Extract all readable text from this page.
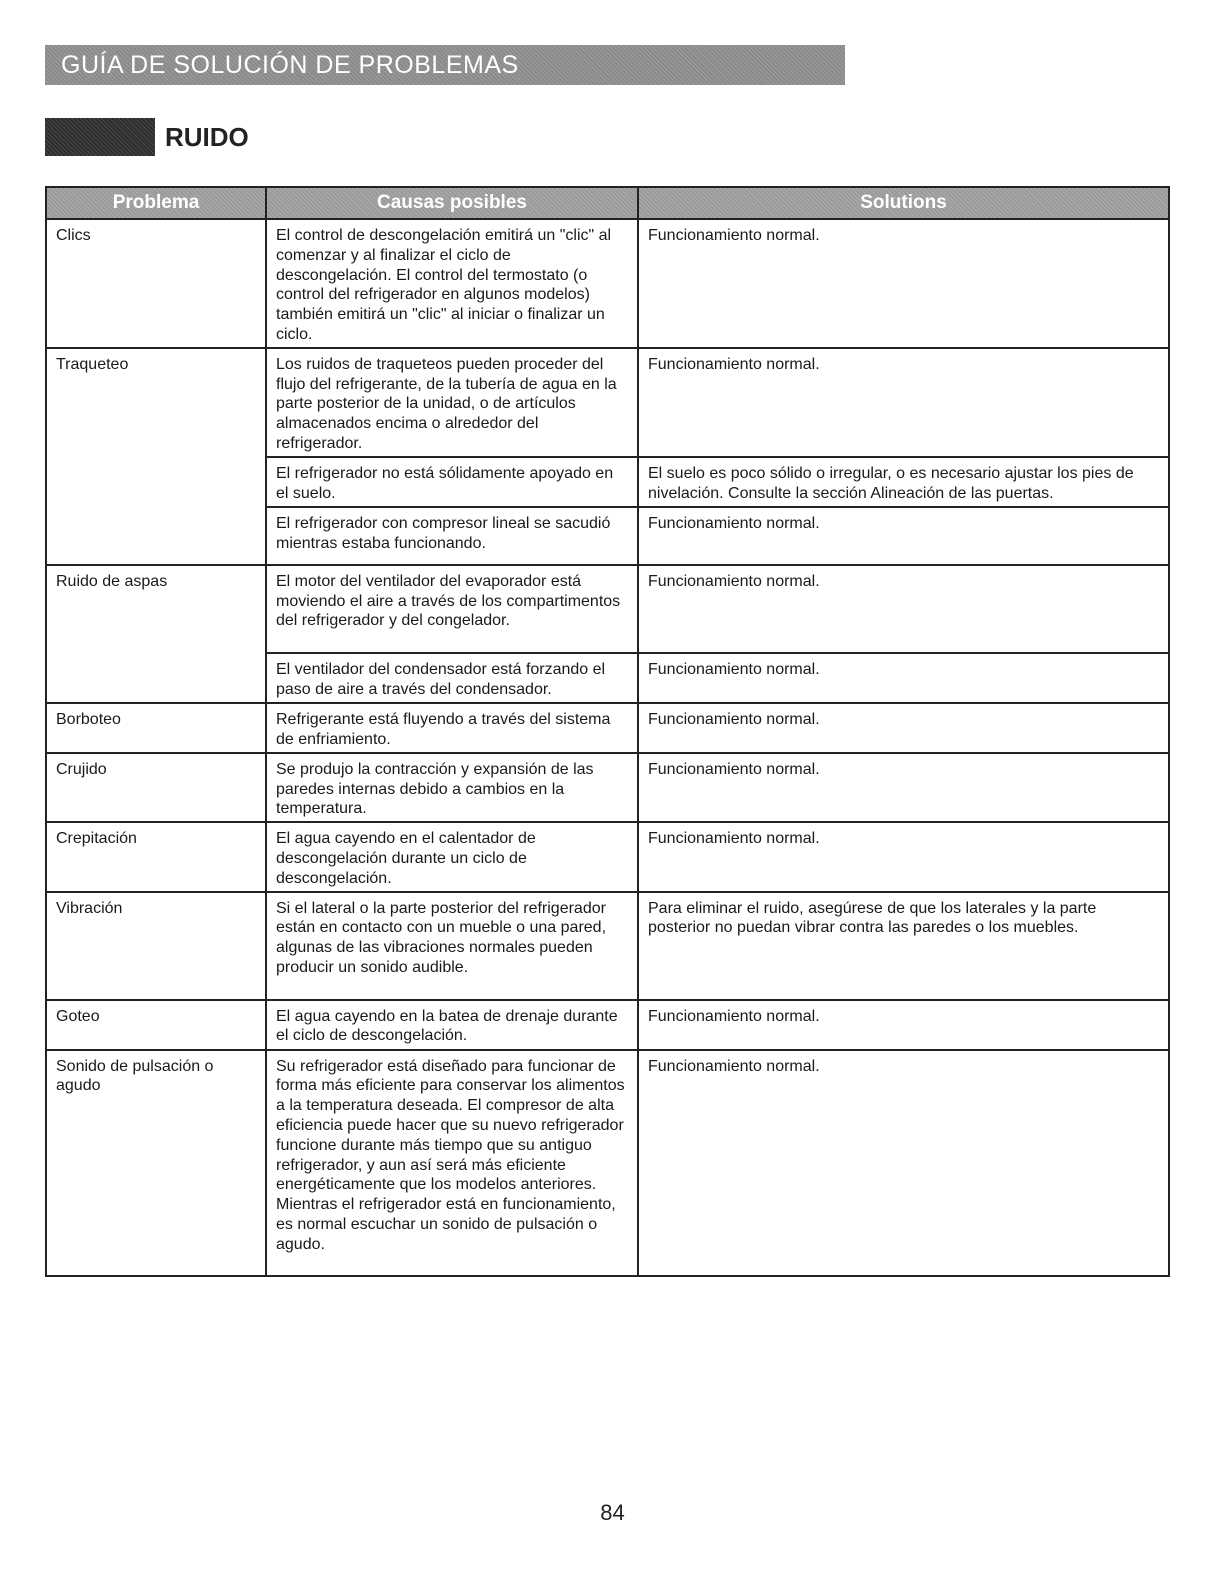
GUÍA DE SOLUCIÓN DE PROBLEMAS
RUIDO
Problema	Causas posibles	Solutions
Clics	El control de descongelación emitirá un "clic" al comenzar y al finalizar el ciclo de descongelación. El control del termostato (o control del refrigerador en algunos modelos) también emitirá un "clic" al iniciar o finalizar un ciclo.	Funcionamiento normal.
Traqueteo	Los ruidos de traqueteos pueden proceder del flujo del refrigerante, de la tubería de agua en la parte posterior de la unidad, o de artículos almacenados encima o alrededor del refrigerador.	Funcionamiento normal.
	El refrigerador no está sólidamente apoyado en el suelo.	El suelo es poco sólido o irregular, o es necesario ajustar los pies de nivelación. Consulte la sección Alineación de las puertas.
	El refrigerador con compresor lineal se sacudió mientras estaba funcionando.	Funcionamiento normal.
Ruido de aspas	El motor del ventilador del evaporador está moviendo el aire a través de los compartimentos del refrigerador y del congelador.	Funcionamiento normal.
	El ventilador del condensador está forzando el paso de aire a través del condensador.	Funcionamiento normal.
Borboteo	Refrigerante está fluyendo a través del sistema de enfriamiento.	Funcionamiento normal.
Crujido	Se produjo la contracción y expansión de las paredes internas debido a cambios en la temperatura.	Funcionamiento normal.
Crepitación	El agua cayendo en el calentador de descongelación durante un ciclo de descongelación.	Funcionamiento normal.
Vibración	Si el lateral o la parte posterior del refrigerador están en contacto con un mueble o una pared, algunas de las vibraciones normales pueden producir un sonido audible.	Para eliminar el ruido, asegúrese de que los laterales y la parte posterior no puedan vibrar contra las paredes o los muebles.
Goteo	El agua cayendo en la batea de drenaje durante el ciclo de descongelación.	Funcionamiento normal.
Sonido de pulsación o agudo	Su refrigerador está diseñado para funcionar de forma más eficiente para conservar los alimentos a la temperatura deseada. El compresor de alta eficiencia puede hacer que su nuevo refrigerador funcione durante más tiempo que su antiguo refrigerador, y aun así será más eficiente energéticamente que los modelos anteriores. Mientras el refrigerador está en funcionamiento, es normal escuchar un sonido de pulsación o agudo.	Funcionamiento normal.
84
